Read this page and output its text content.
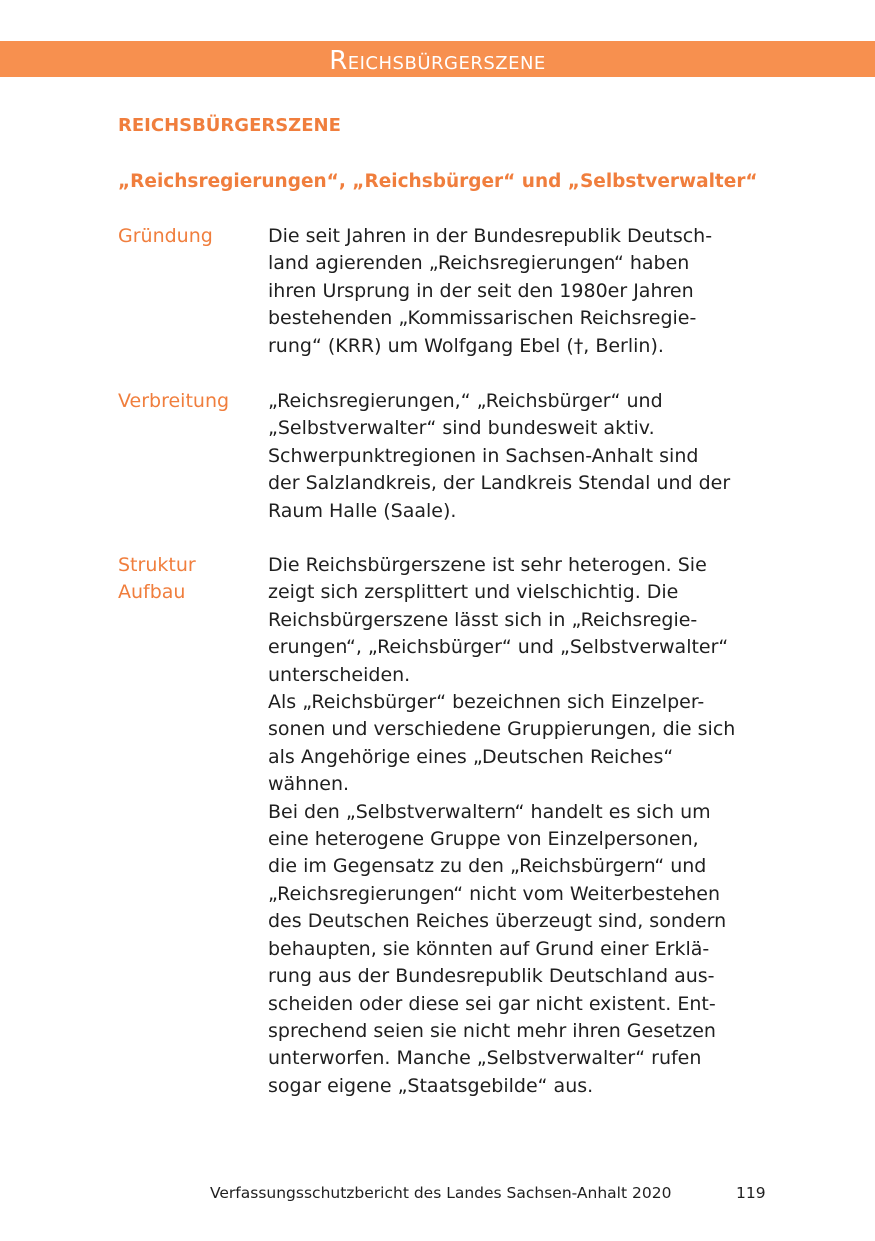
Reichsbürgerszene
REICHSBÜRGERSZENE
„Reichsregierungen“, „Reichsbürger“ und „Selbstverwalter“
Gründung	Die seit Jahren in der Bundesrepublik Deutsch-
land agierenden „Reichsregierungen“ haben
ihren Ursprung in der seit den 1980er Jahren
bestehenden „Kommissarischen Reichsregie-
rung“ (KRR) um Wolfgang Ebel (†, Berlin).
Verbreitung „Reichsregierungen,“ „Reichsbürger“ und
„Selbstverwalter“ sind bundesweit aktiv.
Schwerpunktregionen in Sachsen-Anhalt sind
der Salzlandkreis, der Landkreis Stendal und der
Raum Halle (Saale).
Struktur
Aufbau
Die Reichsbürgerszene ist sehr heterogen. Sie
zeigt sich zersplittert und vielschichtig. Die
Reichsbürgerszene lässt sich in „Reichsregie-
erungen“, „Reichsbürger“ und „Selbstverwalter“
unterscheiden.
Als „Reichsbürger“ bezeichnen sich Einzelper-
sonen und verschiedene Gruppierungen, die sich
als Angehörige eines „Deutschen Reiches“
wähnen.
Bei den „Selbstverwaltern“ handelt es sich um
eine heterogene Gruppe von Einzelpersonen,
die im Gegensatz zu den „Reichsbürgern“ und
„Reichsregierungen“ nicht vom Weiterbestehen
des Deutschen Reiches überzeugt sind, sondern
behaupten, sie könnten auf Grund einer Erklä-
rung aus der Bundesrepublik Deutschland aus-
scheiden oder diese sei gar nicht existent. Ent-
sprechend seien sie nicht mehr ihren Gesetzen
unterworfen. Manche „Selbstverwalter“ rufen
sogar eigene „Staatsgebilde“ aus.
Verfassungsschutzbericht des Landes Sachsen-Anhalt 2020	119
